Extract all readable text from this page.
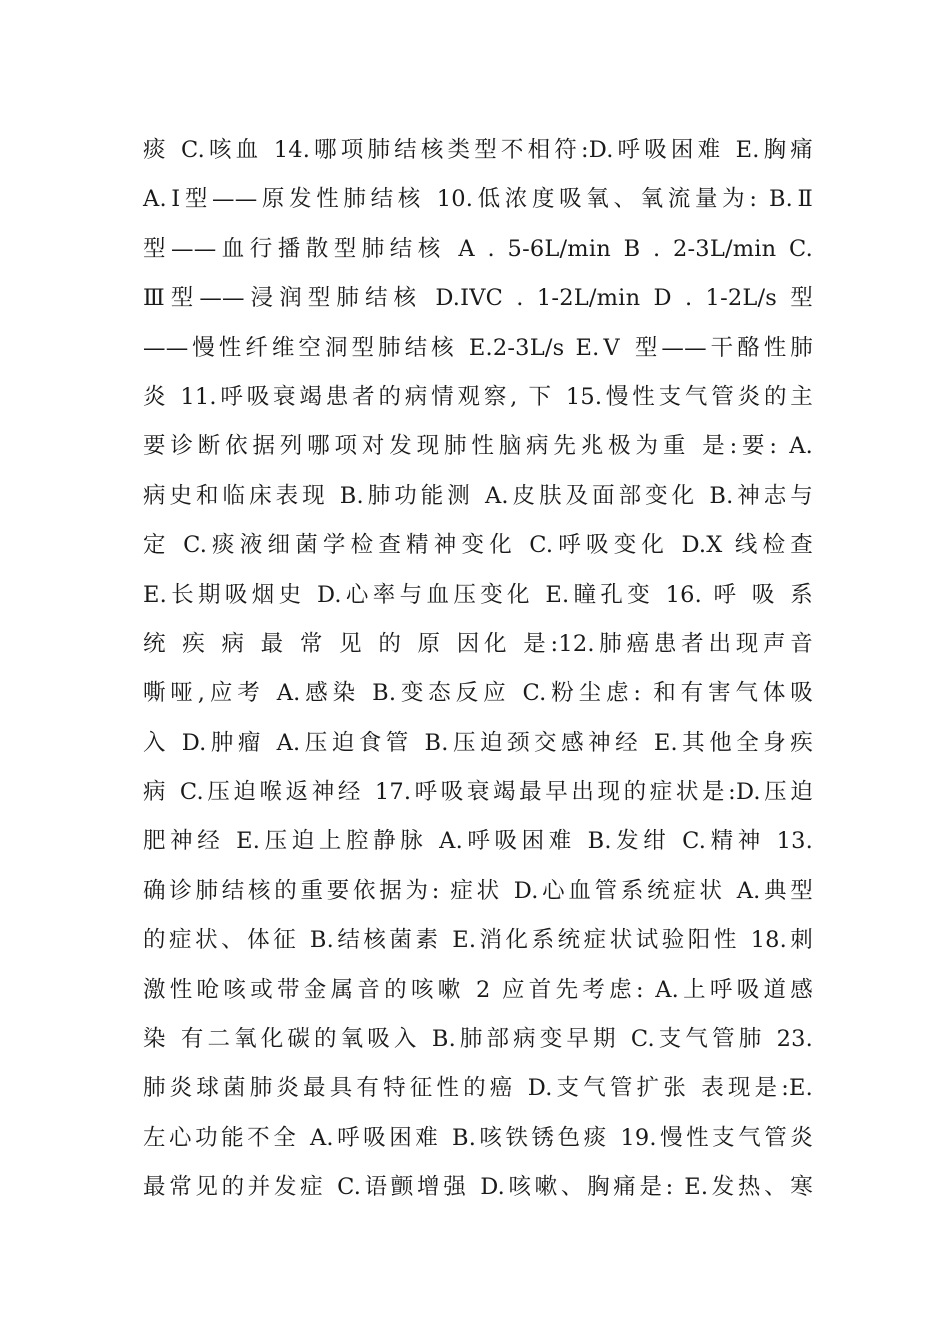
痰 C.咳血 14.哪项肺结核类型不相符:D.呼吸困难 E.胸痛
A.Ⅰ型——原发性肺结核 10.低浓度吸氧、氧流量为: B.Ⅱ
型——血行播散型肺结核 A . 5-6L/min B . 2-3L/min C.
Ⅲ型——浸润型肺结核 D.IVC . 1-2L/min D . 1-2L/s 型
——慢性纤维空洞型肺结核 E.2-3L/s E.Ⅴ 型——干酪性肺
炎 11.呼吸衰竭患者的病情观察, 下 15.慢性支气管炎的主
要诊断依据列哪项对发现肺性脑病先兆极为重 是:要: A.
病史和临床表现 B.肺功能测 A.皮肤及面部变化 B.神志与
定 C.痰液细菌学检查精神变化 C.呼吸变化 D.X 线检查
E.长期吸烟史 D.心率与血压变化 E.瞳孔变 16. 呼 吸 系
统 疾 病 最 常 见 的 原 因化 是:12.肺癌患者出现声音
嘶哑,应考 A.感染 B.变态反应 C.粉尘虑: 和有害气体吸
入 D.肿瘤 A.压迫食管 B.压迫颈交感神经 E.其他全身疾
病 C.压迫喉返神经 17.呼吸衰竭最早出现的症状是:D.压迫
肥神经 E.压迫上腔静脉 A.呼吸困难 B.发绀 C.精神 13.
确诊肺结核的重要依据为: 症状 D.心血管系统症状 A.典型
的症状、体征 B.结核菌素 E.消化系统症状试验阳性 18.刺
激性呛咳或带金属音的咳嗽 2 应首先考虑: A.上呼吸道感
染 有二氧化碳的氧吸入 B.肺部病变早期 C.支气管肺 23.
肺炎球菌肺炎最具有特征性的癌 D.支气管扩张 表现是:E.
左心功能不全 A.呼吸困难 B.咳铁锈色痰 19.慢性支气管炎
最常见的并发症 C.语颤增强 D.咳嗽、胸痛是: E.发热、寒
